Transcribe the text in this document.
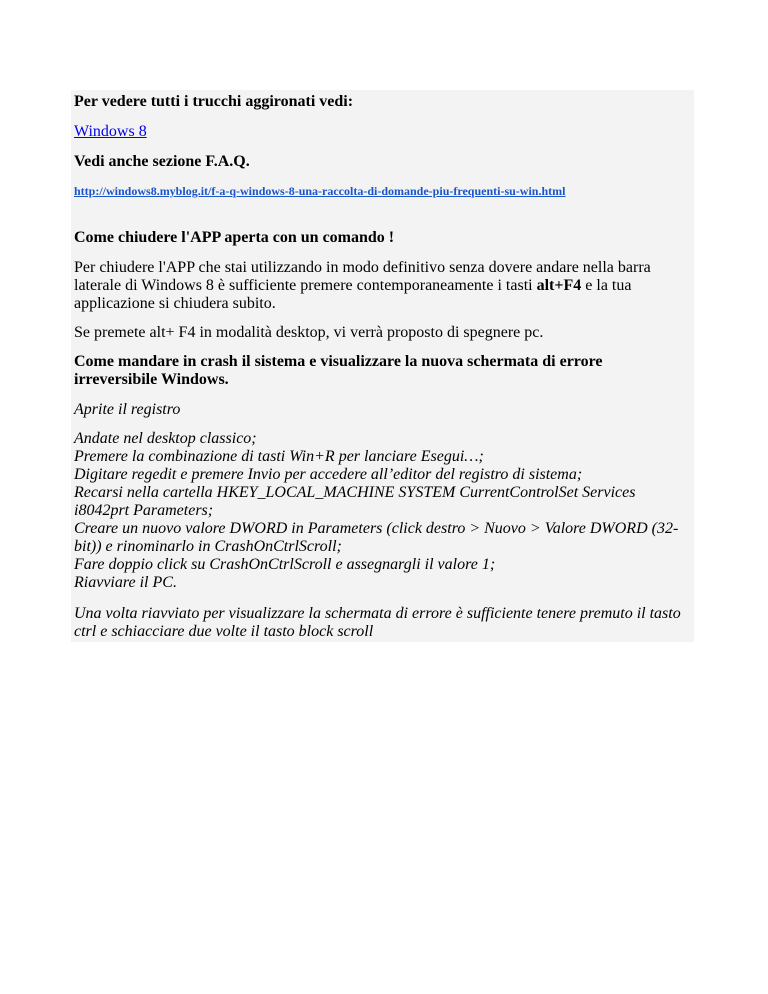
Per vedere tutti i trucchi aggironati vedi:

Windows 8

Vedi anche sezione F.A.Q.

http://windows8.myblog.it/f-a-q-windows-8-una-raccolta-di-domande-piu-frequenti-su-win.html

Come chiudere l'APP aperta con un comando !

Per chiudere l'APP che stai utilizzando in modo definitivo senza dovere andare nella barra laterale di Windows 8 è sufficiente premere contemporaneamente i tasti alt+F4 e la tua applicazione si chiudera subito.

Se premete alt+ F4 in modalità desktop, vi verrà proposto di spegnere pc.

Come mandare in crash il sistema e visualizzare la nuova schermata di errore irreversibile Windows.

Aprite il registro

Andate nel desktop classico;
Premere la combinazione di tasti Win+R per lanciare Esegui…;
Digitare regedit e premere Invio per accedere all’editor del registro di sistema;
Recarsi nella cartella HKEY_LOCAL_MACHINE SYSTEM CurrentControlSet Services i8042prt Parameters;
Creare un nuovo valore DWORD in Parameters (click destro > Nuovo > Valore DWORD (32-bit)) e rinominarlo in CrashOnCtrlScroll;
Fare doppio click su CrashOnCtrlScroll e assegnargli il valore 1;
Riavviare il PC.

Una volta riavviato per visualizzare la schermata di errore è sufficiente tenere premuto il tasto ctrl e schiacciare due volte il tasto block scroll
